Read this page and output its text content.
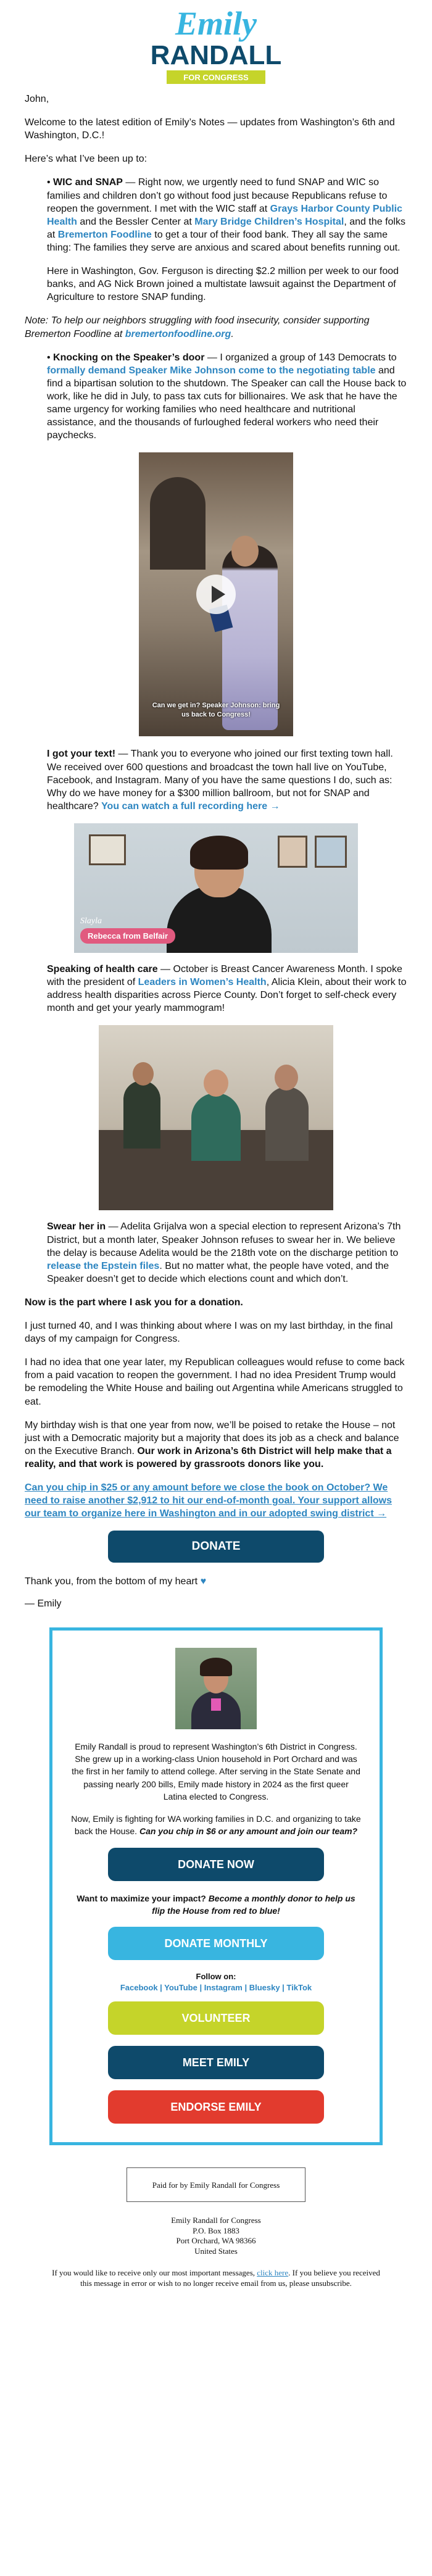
Emily
RANDALL
FOR CONGRESS

John,

Welcome to the latest edition of Emily’s Notes — updates from Washington’s 6th and Washington, D.C.!

Here’s what I’ve been up to:

• WIC and SNAP — Right now, we urgently need to fund SNAP and WIC so families and children don’t go without food just because Republicans refuse to reopen the government. I met with the WIC staff at Grays Harbor County Public Health and the Bessler Center at Mary Bridge Children’s Hospital, and the folks at Bremerton Foodline to get a tour of their food bank. They all say the same thing: The families they serve are anxious and scared about benefits running out.

Here in Washington, Gov. Ferguson is directing $2.2 million per week to our food banks, and AG Nick Brown joined a multistate lawsuit against the Department of Agriculture to restore SNAP funding.

Note: To help our neighbors struggling with food insecurity, consider supporting Bremerton Foodline at bremertonfoodline.org.

• Knocking on the Speaker’s door — I organized a group of 143 Democrats to formally demand Speaker Mike Johnson come to the negotiating table and find a bipartisan solution to the shutdown. The Speaker can call the House back to work, like he did in July, to pass tax cuts for billionaires. We ask that he have the same urgency for working families who need healthcare and nutritional assistance, and the thousands of furloughed federal workers who need their paychecks.

Can we get in? Speaker Johnson: bring us back to Congress!

I got your text! — Thank you to everyone who joined our first texting town hall. We received over 600 questions and broadcast the town hall live on YouTube, Facebook, and Instagram. Many of you have the same questions I do, such as: Why do we have money for a $300 million ballroom, but not for SNAP and healthcare? You can watch a full recording here →

Slayla
Rebecca from Belfair

Speaking of health care — October is Breast Cancer Awareness Month. I spoke with the president of Leaders in Women’s Health, Alicia Klein, about their work to address health disparities across Pierce County. Don’t forget to self-check every month and get your yearly mammogram!

Swear her in — Adelita Grijalva won a special election to represent Arizona’s 7th District, but a month later, Speaker Johnson refuses to swear her in. We believe the delay is because Adelita would be the 218th vote on the discharge petition to release the Epstein files. But no matter what, the people have voted, and the Speaker doesn’t get to decide which elections count and which don’t.

Now is the part where I ask you for a donation.

I just turned 40, and I was thinking about where I was on my last birthday, in the final days of my campaign for Congress.

I had no idea that one year later, my Republican colleagues would refuse to come back from a paid vacation to reopen the government. I had no idea President Trump would be remodeling the White House and bailing out Argentina while Americans struggled to eat.

My birthday wish is that one year from now, we’ll be poised to retake the House – not just with a Democratic majority but a majority that does its job as a check and balance on the Executive Branch. Our work in Arizona’s 6th District will help make that a reality, and that work is powered by grassroots donors like you.

Can you chip in $25 or any amount before we close the book on October? We need to raise another $2,912 to hit our end-of-month goal. Your support allows our team to organize here in Washington and in our adopted swing district →

DONATE

Thank you, from the bottom of my heart ♥

— Emily

Emily Randall is proud to represent Washington’s 6th District in Congress. She grew up in a working-class Union household in Port Orchard and was the first in her family to attend college. After serving in the State Senate and passing nearly 200 bills, Emily made history in 2024 as the first queer Latina elected to Congress.

Now, Emily is fighting for WA working families in D.C. and organizing to take back the House. Can you chip in $6 or any amount and join our team?

DONATE NOW

Want to maximize your impact? Become a monthly donor to help us flip the House from red to blue!

DONATE MONTHLY
Follow on:
Facebook | YouTube | Instagram | Bluesky | TikTok
VOLUNTEER
MEET EMILY
ENDORSE EMILY
Paid for by Emily Randall for Congress
Emily Randall for Congress
P.O. Box 1883
Port Orchard, WA 98366
United States
If you would like to receive only our most important messages, click here. If you believe you received this message in error or wish to no longer receive email from us, please unsubscribe.
